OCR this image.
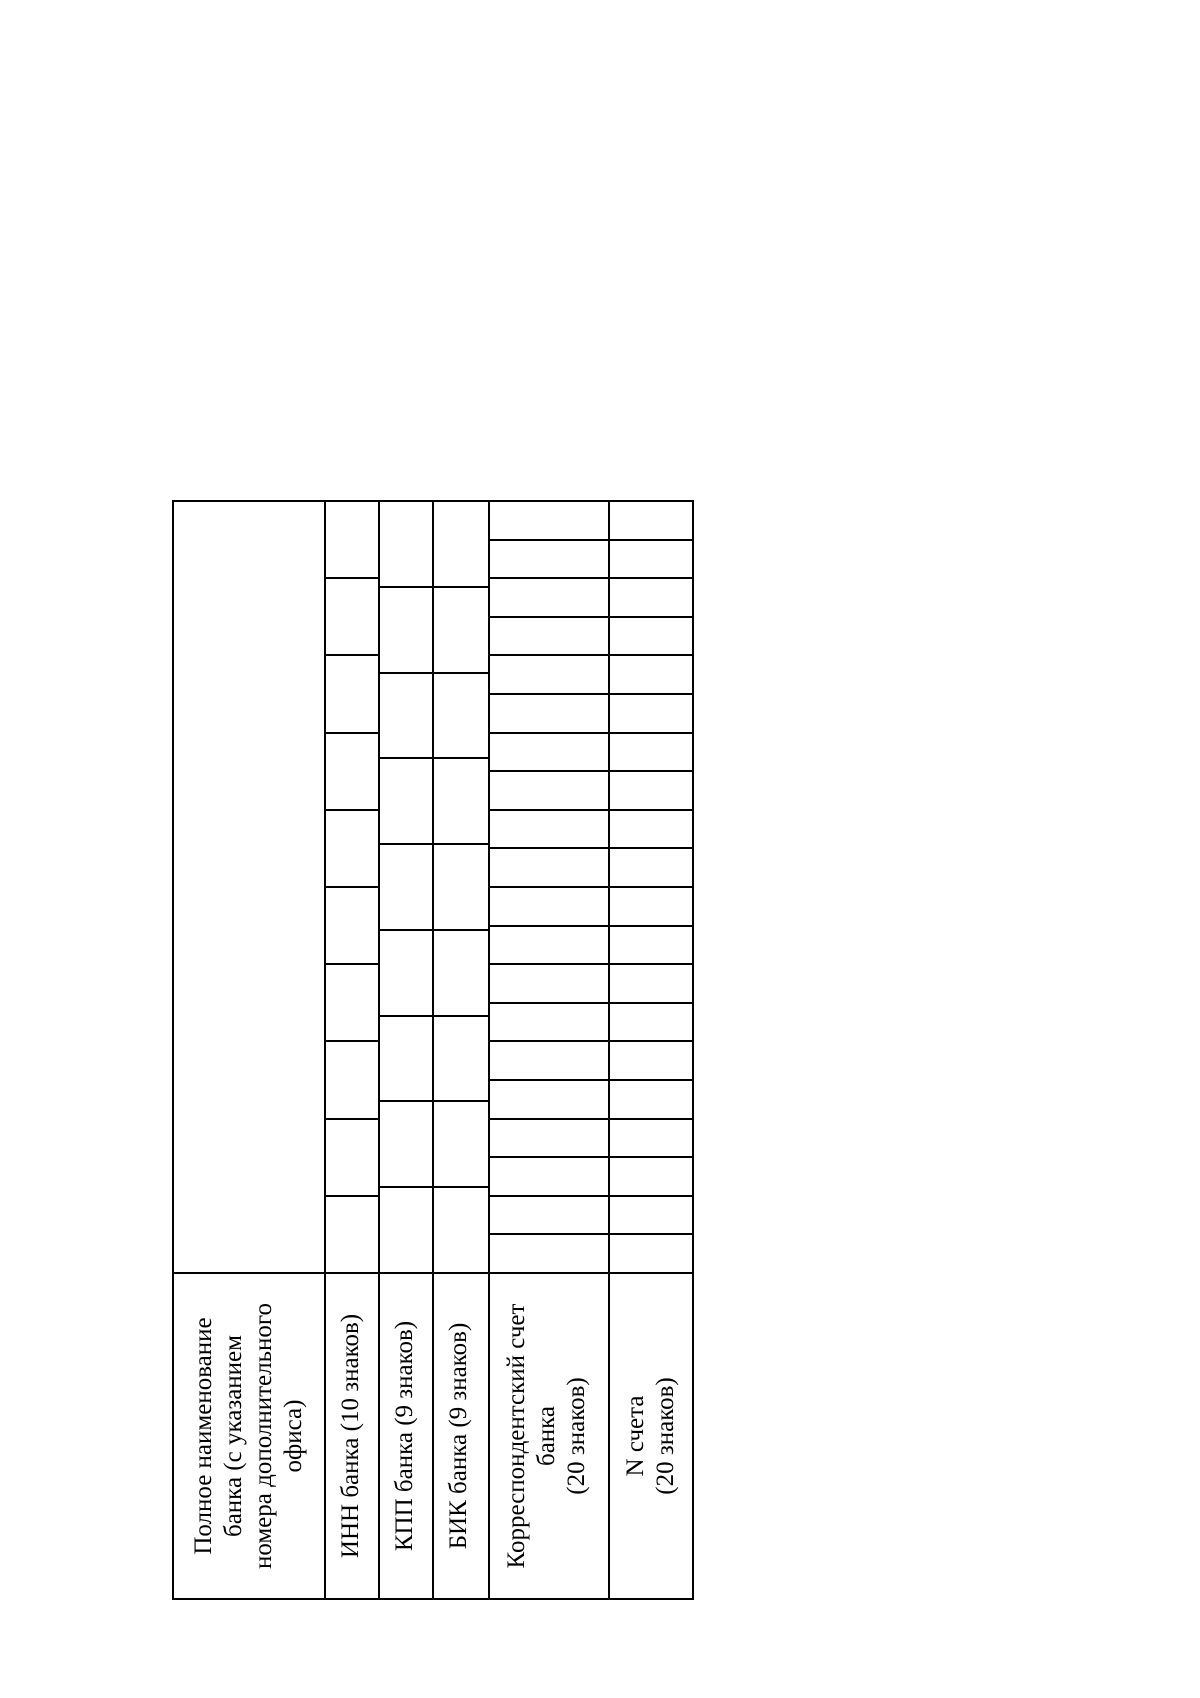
Полное наименование банка (с указанием номера дополнительного офиса) ИНН банка (10 знаков) КПП банка (9 знаков) БИК банка (9 знаков) Корреспондентский счет банка (20 знаков) N счета (20 знаков)
